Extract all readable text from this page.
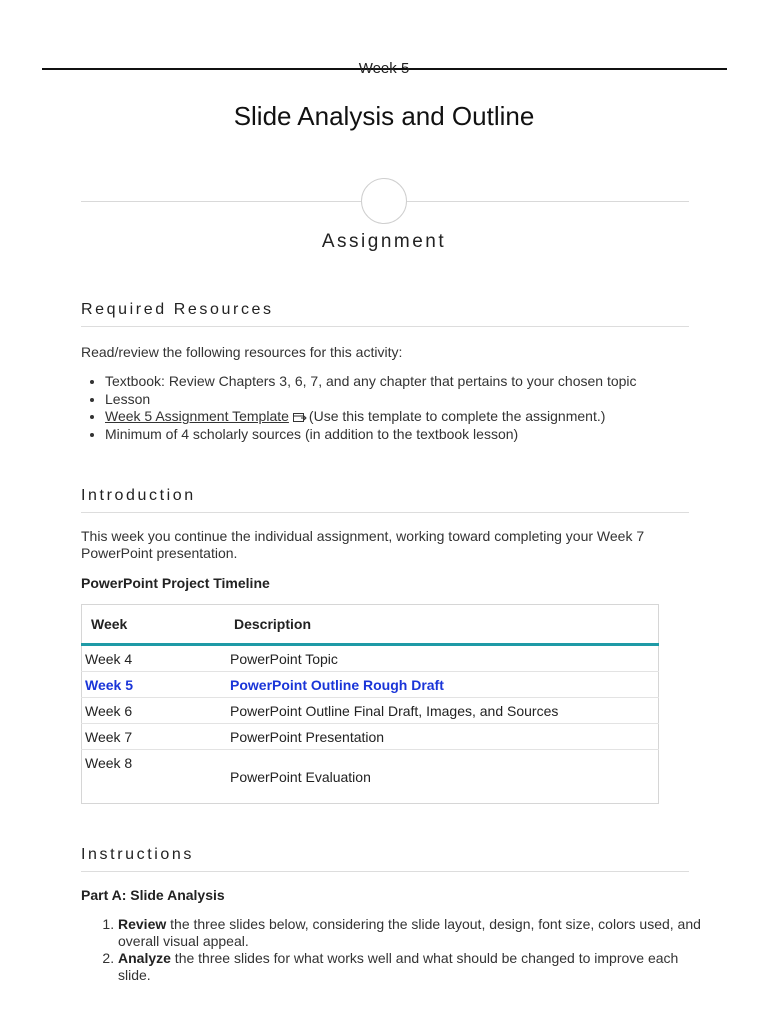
Week 5
Slide Analysis and Outline
Assignment
Required Resources

Read/review the following resources for this activity:

• Textbook: Review Chapters 3, 6, 7, and any chapter that pertains to your chosen topic
• Lesson
• Week 5 Assignment Template (Use this template to complete the assignment.)
• Minimum of 4 scholarly sources (in addition to the textbook lesson)
Introduction

This week you continue the individual assignment, working toward completing your Week 7 PowerPoint presentation.

PowerPoint Project Timeline

Week	Description
Week 4	PowerPoint Topic
Week 5	PowerPoint Outline Rough Draft
Week 6	PowerPoint Outline Final Draft, Images, and Sources
Week 7	PowerPoint Presentation
Week 8	PowerPoint Evaluation
Instructions

Part A: Slide Analysis

1. Review the three slides below, considering the slide layout, design, font size, colors used, and overall visual appeal.
2. Analyze the three slides for what works well and what should be changed to improve each slide.
